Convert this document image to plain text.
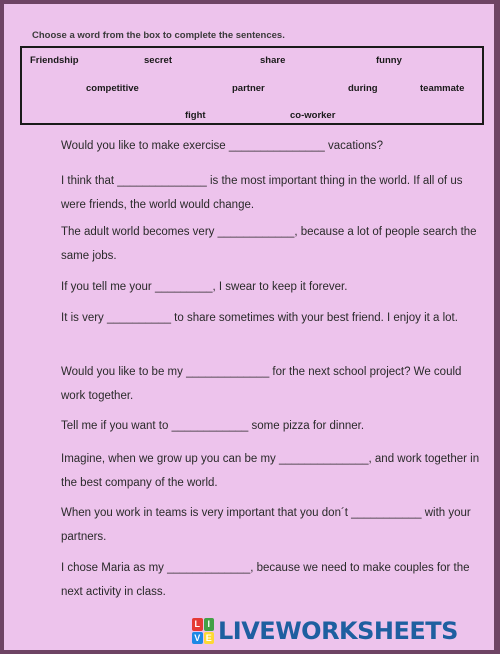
Choose a word from the box to complete the sentences.
Friendship	secret	share	funny
competitive	partner	during	teammate
fight	co-worker
Would you like to make exercise _______________ vacations?
I think that ______________ is the most important thing in the world. If all of us were friends, the world would change.
The adult world becomes very ____________, because a lot of people search the same jobs.
If you tell me your _________, I swear to keep it forever.
It is very __________ to share sometimes with your best friend. I enjoy it a lot.
Would you like to be my _____________ for the next school project? We could work together.
Tell me if you want to ____________ some pizza for dinner.
Imagine, when we grow up you can be my ______________, and work together in the best company of the world.
When you work in teams is very important that you don´t ___________ with your partners.
I chose Maria as my _____________, because we need to make couples for the next activity in class.
L I
V E LIVEWORKSHEETS
